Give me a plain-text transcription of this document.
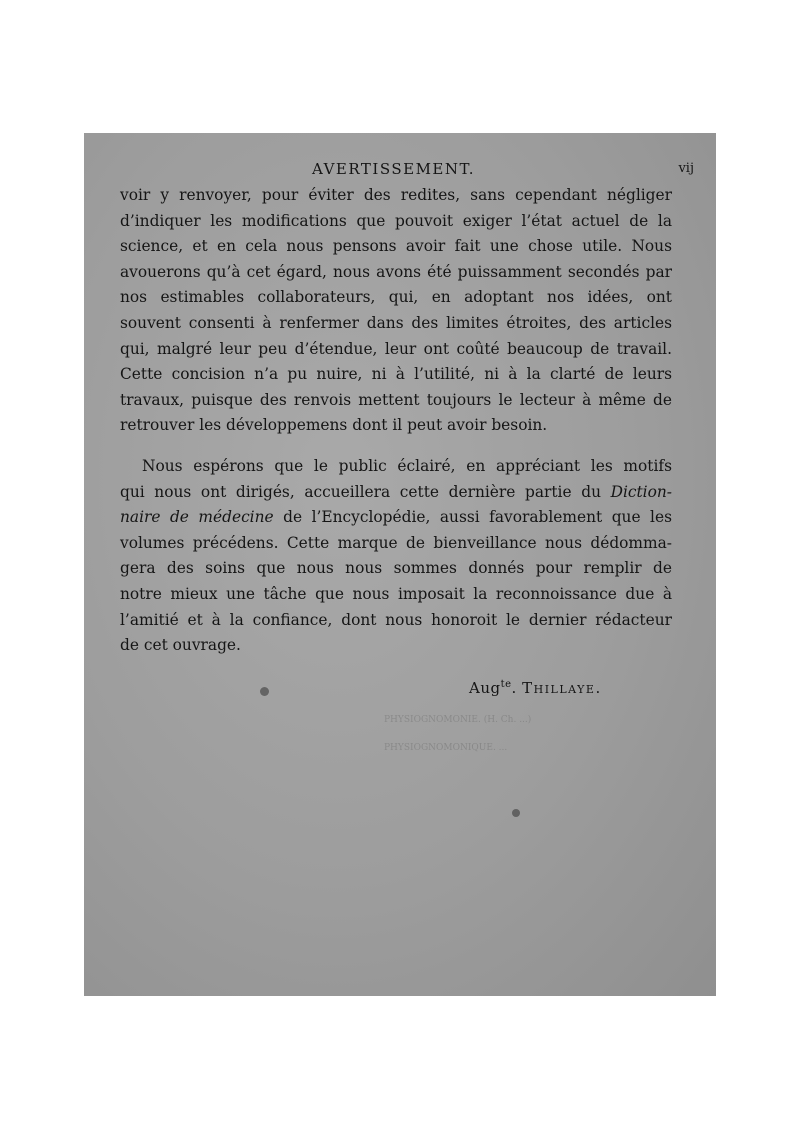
PHYSIOGNOMONIE. (H. Ch. ...)

PHYSIOGNOMONIQUE. ...
AVERTISSEMENT.	vij
voir y renvoyer, pour éviter des redites, sans cependant négliger
d’indiquer les modifications que pouvoit exiger l’état actuel de la
science, et en cela nous pensons avoir fait une chose utile. Nous
avouerons qu’à cet égard, nous avons été puissamment secondés par
nos estimables collaborateurs, qui, en adoptant nos idées, ont
souvent consenti à renfermer dans des limites étroites, des articles
qui, malgré leur peu d’étendue, leur ont coûté beaucoup de travail.
Cette concision n’a pu nuire, ni à l’utilité, ni à la clarté de leurs
travaux, puisque des renvois mettent toujours le lecteur à même de
retrouver les développemens dont il peut avoir besoin.
Nous espérons que le public éclairé, en appréciant les motifs
qui nous ont dirigés, accueillera cette dernière partie du Diction-
naire de médecine de l’Encyclopédie, aussi favorablement que les
volumes précédens. Cette marque de bienveillance nous dédomma-
gera des soins que nous nous sommes donnés pour remplir de
notre mieux une tâche que nous imposait la reconnoissance due à
l’amitié et à la confiance, dont nous honoroit le dernier rédacteur
de cet ouvrage.
Aug$^{te}$. Thillaye.
